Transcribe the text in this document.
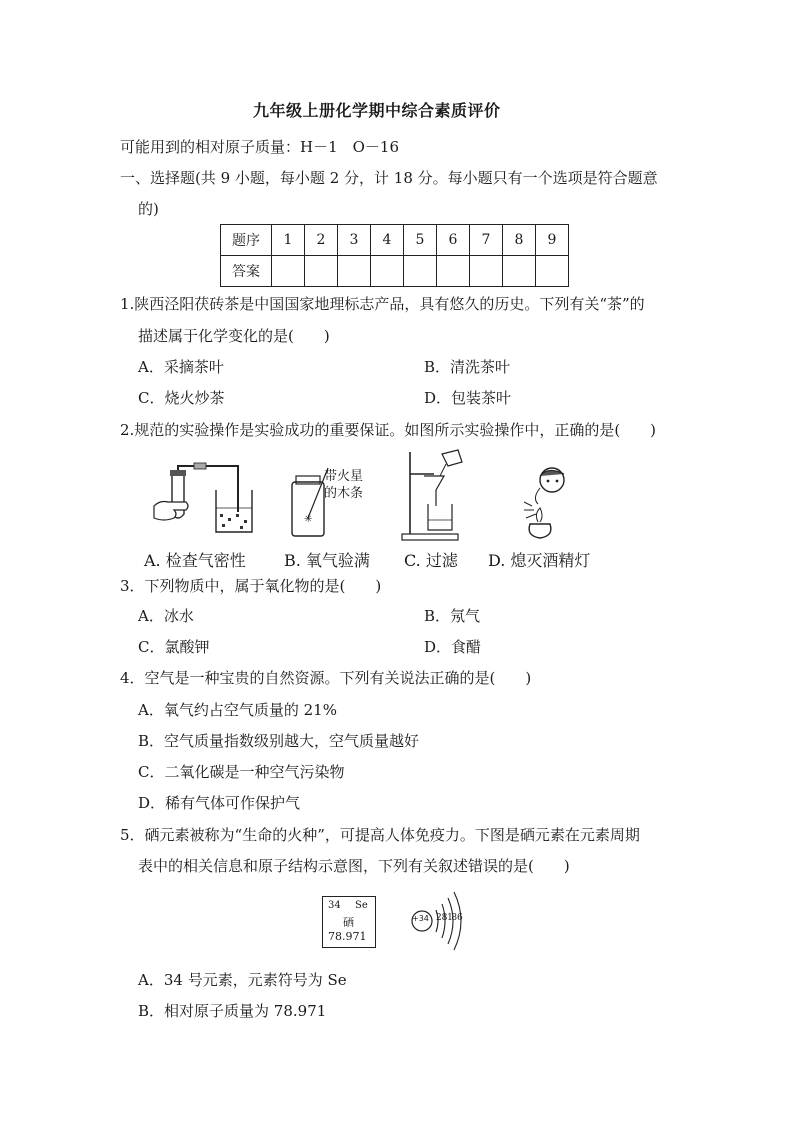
九年级上册化学期中综合素质评价
可能用到的相对原子质量：H－1　O－16
一、选择题(共 9 小题，每小题 2 分，计 18 分。每小题只有一个选项是符合题意
的)
题序	1	2	3	4	5	6	7	8	9
答案									
1.陕西泾阳茯砖茶是中国国家地理标志产品，具有悠久的历史。下列有关“茶”的
描述属于化学变化的是(　　)
A．采摘茶叶	B．清洗茶叶
C．烧火炒茶	D．包装茶叶
2.规范的实验操作是实验成功的重要保证。如图所示实验操作中，正确的是(　　)
✳
带火星
的木条
A. 检查气密性 B. 氧气验满 C. 过滤 D. 熄灭酒精灯
3．下列物质中，属于氧化物的是(　　)
A．冰水	B．氖气
C．氯酸钾	D．食醋
4．空气是一种宝贵的自然资源。下列有关说法正确的是(　　)
A．氧气约占空气质量的 21%
B．空气质量指数级别越大，空气质量越好
C．二氧化碳是一种空气污染物
D．稀有气体可作保护气
5．硒元素被称为“生命的火种”，可提高人体免疫力。下图是硒元素在元素周期
表中的相关信息和原子结构示意图，下列有关叙述错误的是(　　)
34 Se
硒
78.971
+34 2 8 18 6
A．34 号元素，元素符号为 Se
B．相对原子质量为 78.971
